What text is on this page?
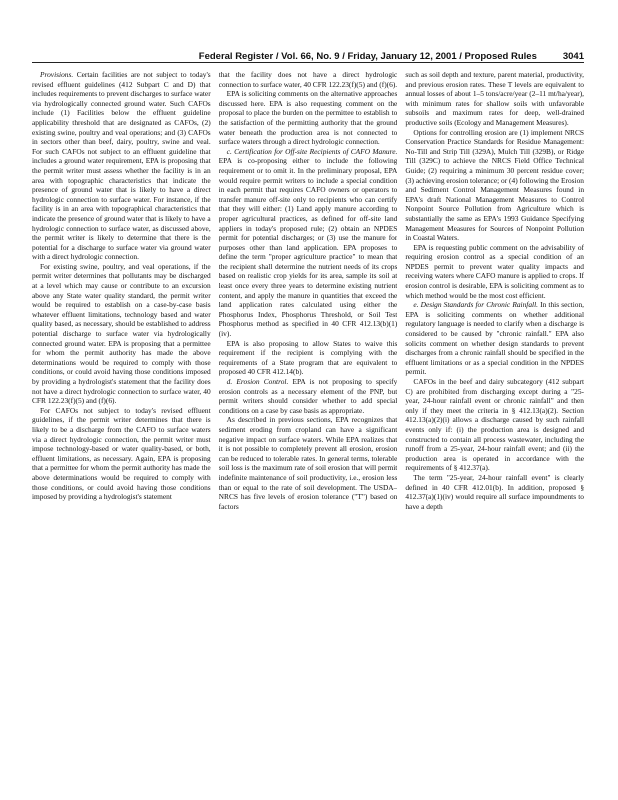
Federal Register / Vol. 66, No. 9 / Friday, January 12, 2001 / Proposed Rules	3041

Provisions. Certain facilities are not subject to today's revised effluent guidelines (412 Subpart C and D) that includes requirements to prevent discharges to surface water via hydrologically connected ground water. Such CAFOs include (1) Facilities below the effluent guideline applicability threshold that are designated as CAFOs, (2) existing swine, poultry and veal operations; and (3) CAFOs in sectors other than beef, dairy, poultry, swine and veal. For such CAFOs not subject to an effluent guideline that includes a ground water requirement, EPA is proposing that the permit writer must assess whether the facility is in an area with topographic characteristics that indicate the presence of ground water that is likely to have a direct hydrologic connection to surface water. For instance, if the facility is in an area with topographical characteristics that indicate the presence of ground water that is likely to have a hydrologic connection to surface water, as discussed above, the permit writer is likely to determine that there is the potential for a discharge to surface water via ground water with a direct hydrologic connection.

For existing swine, poultry, and veal operations, if the permit writer determines that pollutants may be discharged at a level which may cause or contribute to an excursion above any State water quality standard, the permit writer would be required to establish on a case-by-case basis whatever effluent limitations, technology based and water quality based, as necessary, should be established to address potential discharge to surface water via hydrologically connected ground water. EPA is proposing that a permittee for whom the permit authority has made the above determinations would be required to comply with those conditions, or could avoid having those conditions imposed by providing a hydrologist's statement that the facility does not have a direct hydrologic connection to surface water, 40 CFR 122.23(f)(5) and (f)(6).

For CAFOs not subject to today's revised effluent guidelines, if the permit writer determines that there is likely to be a discharge from the CAFO to surface waters via a direct hydrologic connection, the permit writer must impose technology-based or water quality-based, or both, effluent limitations, as necessary. Again, EPA is proposing that a permittee for whom the permit authority has made the above determinations would be required to comply with those conditions, or could avoid having those conditions imposed by providing a hydrologist's statement

that the facility does not have a direct hydrologic connection to surface water, 40 CFR 122.23(f)(5) and (f)(6).

EPA is soliciting comments on the alternative approaches discussed here. EPA is also requesting comment on the proposal to place the burden on the permittee to establish to the satisfaction of the permitting authority that the ground water beneath the production area is not connected to surface waters through a direct hydrologic connection.

c. Certification for Off-site Recipients of CAFO Manure. EPA is co-proposing either to include the following requirement or to omit it. In the preliminary proposal, EPA would require permit writers to include a special condition in each permit that requires CAFO owners or operators to transfer manure off-site only to recipients who can certify that they will either: (1) Land apply manure according to proper agricultural practices, as defined for off-site land appliers in today's proposed rule; (2) obtain an NPDES permit for potential discharges; or (3) use the manure for purposes other than land application. EPA proposes to define the term "proper agriculture practice" to mean that the recipient shall determine the nutrient needs of its crops based on realistic crop yields for its area, sample its soil at least once every three years to determine existing nutrient content, and apply the manure in quantities that exceed the land application rates calculated using either the Phosphorus Index, Phosphorus Threshold, or Soil Test Phosphorus method as specified in 40 CFR 412.13(b)(1)(iv).

EPA is also proposing to allow States to waive this requirement if the recipient is complying with the requirements of a State program that are equivalent to proposed 40 CFR 412.14(b).

d. Erosion Control. EPA is not proposing to specify erosion controls as a necessary element of the PNP, but permit writers should consider whether to add special conditions on a case by case basis as appropriate.

As described in previous sections, EPA recognizes that sediment eroding from cropland can have a significant negative impact on surface waters. While EPA realizes that it is not possible to completely prevent all erosion, erosion can be reduced to tolerable rates. In general terms, tolerable soil loss is the maximum rate of soil erosion that will permit indefinite maintenance of soil productivity, i.e., erosion less than or equal to the rate of soil development. The USDA–NRCS has five levels of erosion tolerance ("T") based on factors

such as soil depth and texture, parent material, productivity, and previous erosion rates. These T levels are equivalent to annual losses of about 1–5 tons/acre/year (2–11 mt/ha/year), with minimum rates for shallow soils with unfavorable subsoils and maximum rates for deep, well-drained productive soils (Ecology and Management Measures).

Options for controlling erosion are (1) implement NRCS Conservation Practice Standards for Residue Management: No-Till and Strip Till (329A), Mulch Till (329B), or Ridge Till (329C) to achieve the NRCS Field Office Technical Guide; (2) requiring a minimum 30 percent residue cover; (3) achieving erosion tolerance; or (4) following the Erosion and Sediment Control Management Measures found in EPA's draft National Management Measures to Control Nonpoint Source Pollution from Agriculture which is substantially the same as EPA's 1993 Guidance Specifying Management Measures for Sources of Nonpoint Pollution in Coastal Waters.

EPA is requesting public comment on the advisability of requiring erosion control as a special condition of an NPDES permit to prevent water quality impacts and receiving waters where CAFO manure is applied to crops. If erosion control is desirable, EPA is soliciting comment as to which method would be the most cost efficient.

e. Design Standards for Chronic Rainfall. In this section, EPA is soliciting comments on whether additional regulatory language is needed to clarify when a discharge is considered to be caused by "chronic rainfall." EPA also solicits comment on whether design standards to prevent discharges from a chronic rainfall should be specified in the effluent limitations or as a special condition in the NPDES permit.

CAFOs in the beef and dairy subcategory (412 subpart C) are prohibited from discharging except during a "25-year, 24-hour rainfall event or chronic rainfall" and then only if they meet the criteria in § 412.13(a)(2). Section 412.13(a)(2)(i) allows a discharge caused by such rainfall events only if: (i) the production area is designed and constructed to contain all process wastewater, including the runoff from a 25-year, 24-hour rainfall event; and (ii) the production area is operated in accordance with the requirements of § 412.37(a).

The term "25-year, 24-hour rainfall event" is clearly defined in 40 CFR 412.01(b). In addition, proposed § 412.37(a)(1)(iv) would require all surface impoundments to have a depth
